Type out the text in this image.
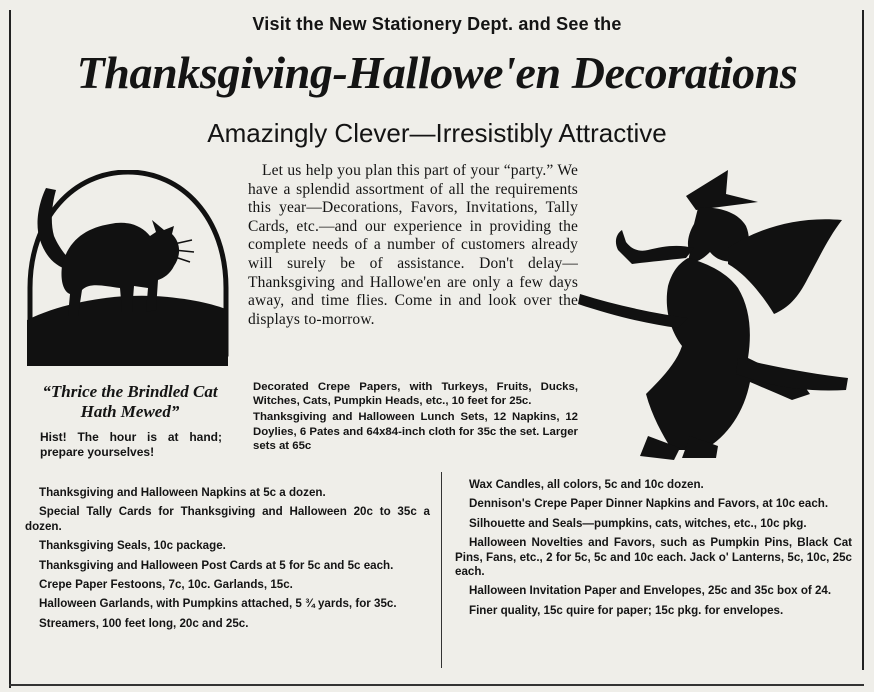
Visit the New Stationery Dept. and See the
Thanksgiving-Hallowe'en Decorations
Amazingly Clever—Irresistibly Attractive
“Thrice the Brindled Cat Hath Mewed”
Hist! The hour is at hand; prepare yourselves!

Let us help you plan this part of your “party.” We have a splendid assortment of all the requirements this year—Decorations, Favors, Invitations, Tally Cards, etc.—and our experience in providing the complete needs of a number of customers already will surely be of assistance. Don't delay—Thanksgiving and Hallowe'en are only a few days away, and time flies. Come in and look over the displays to-morrow.

Decorated Crepe Papers, with Turkeys, Fruits, Ducks, Witches, Cats, Pumpkin Heads, etc., 10 feet for 25c.

Thanksgiving and Halloween Lunch Sets, 12 Napkins, 12 Doylies, 6 Pates and 64x84-inch cloth for 35c the set. Larger sets at 65c

Thanksgiving and Halloween Napkins at 5c a dozen.

Special Tally Cards for Thanksgiving and Halloween 20c to 35c a dozen.

Thanksgiving Seals, 10c package.

Thanksgiving and Halloween Post Cards at 5 for 5c and 5c each.

Crepe Paper Festoons, 7c, 10c. Garlands, 15c.

Halloween Garlands, with Pumpkins attached, 5 ¾ yards, for 35c.

Streamers, 100 feet long, 20c and 25c.

Wax Candles, all colors, 5c and 10c dozen.

Dennison's Crepe Paper Dinner Napkins and Favors, at 10c each.

Silhouette and Seals—pumpkins, cats, witches, etc., 10c pkg.

Halloween Novelties and Favors, such as Pumpkin Pins, Black Cat Pins, Fans, etc., 2 for 5c, 5c and 10c each. Jack o' Lanterns, 5c, 10c, 25c each.

Halloween Invitation Paper and Envelopes, 25c and 35c box of 24.

Finer quality, 15c quire for paper; 15c pkg. for envelopes.
